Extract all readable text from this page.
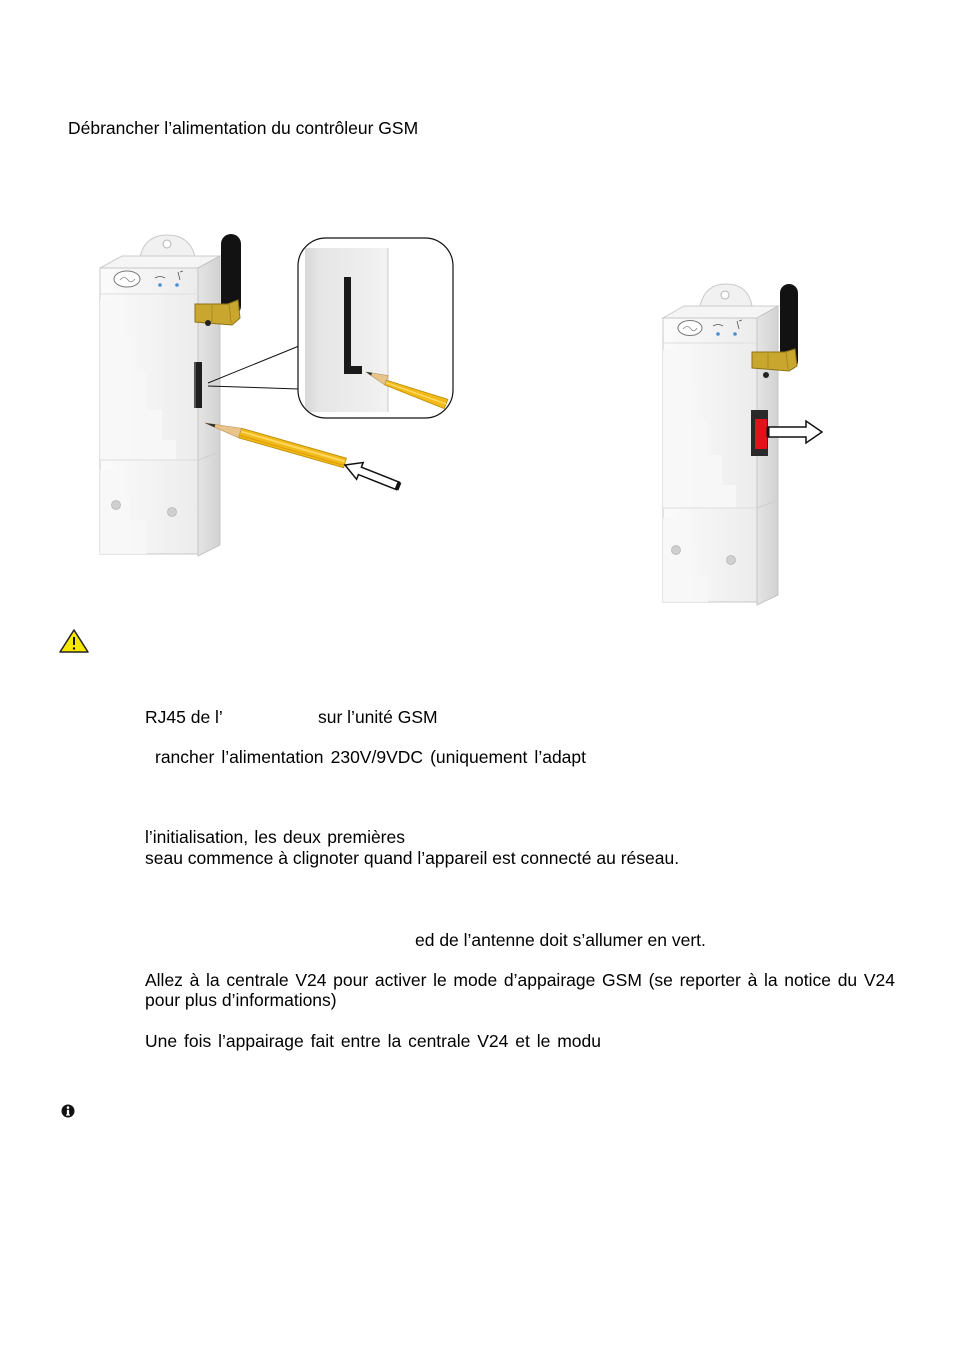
Débrancher l’alimentation du contrôleur GSM
RJ45 de l’	sur l’unité GSM
rancher l’alimentation 230V/9VDC (uniquement l’adapt
l’initialisation, les deux premières
seau commence à clignoter quand l’appareil est connecté au réseau.
ed de l’antenne doit s’allumer en vert.
Allez à la centrale V24 pour activer le mode d’appairage GSM (se reporter à la notice du V24
pour plus d’informations)
Une fois l’appairage fait entre la centrale V24 et le modu
